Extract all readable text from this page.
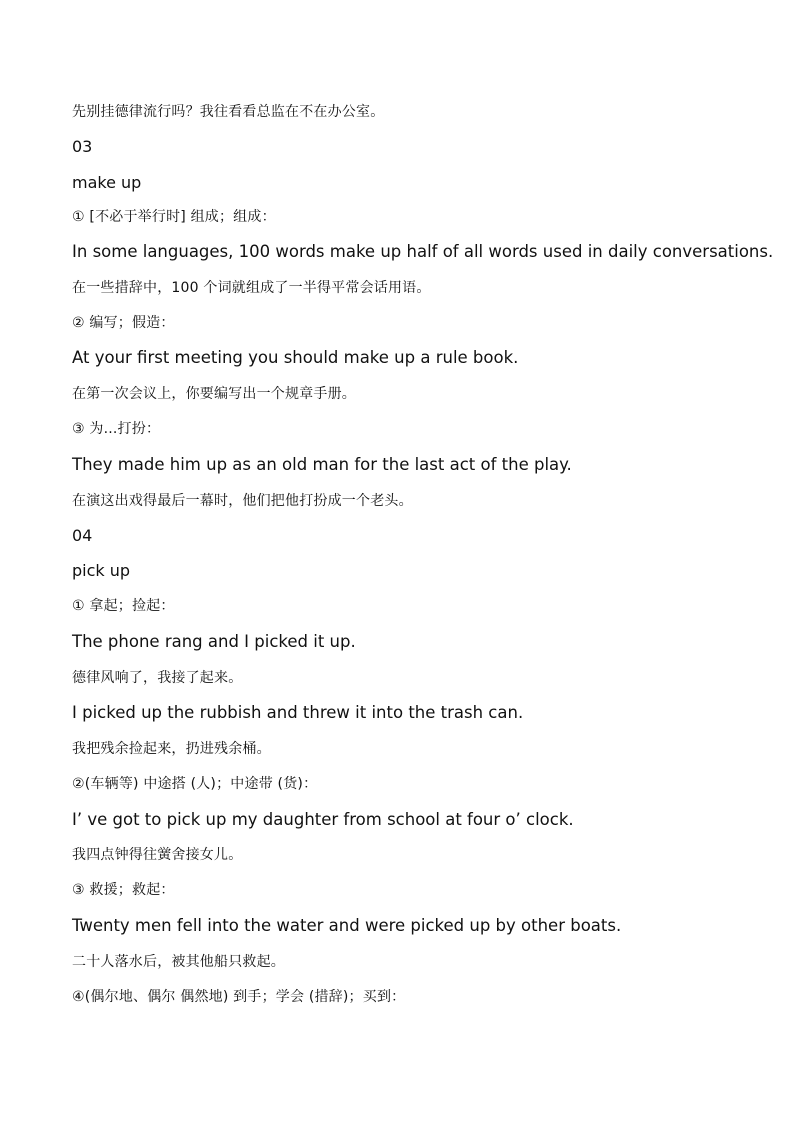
先别挂德律流行吗？我往看看总监在不在办公室。
03
make up
① [不必于举行时] 组成；组成：
In some languages, 100 words make up half of all words used in daily conversations.
在一些措辞中，100 个词就组成了一半得平常会话用语。
② 编写；假造：
At your first meeting you should make up a rule book.
在第一次会议上，你要编写出一个规章手册。
③ 为...打扮：
They made him up as an old man for the last act of the play.
在演这出戏得最后一幕时，他们把他打扮成一个老头。
04
pick up
① 拿起；捡起：
The phone rang and I picked it up.
德律风响了，我接了起来。
I picked up the rubbish and threw it into the trash can.
我把残余捡起来，扔进残余桶。
②(车辆等) 中途搭 (人)；中途带 (货)：
I’ ve got to pick up my daughter from school at four o’ clock.
我四点钟得往黉舍接女儿。
③ 救援；救起：
Twenty men fell into the water and were picked up by other boats.
二十人落水后，被其他船只救起。
④(偶尔地、偶尔 偶然地) 到手；学会 (措辞)；买到：
